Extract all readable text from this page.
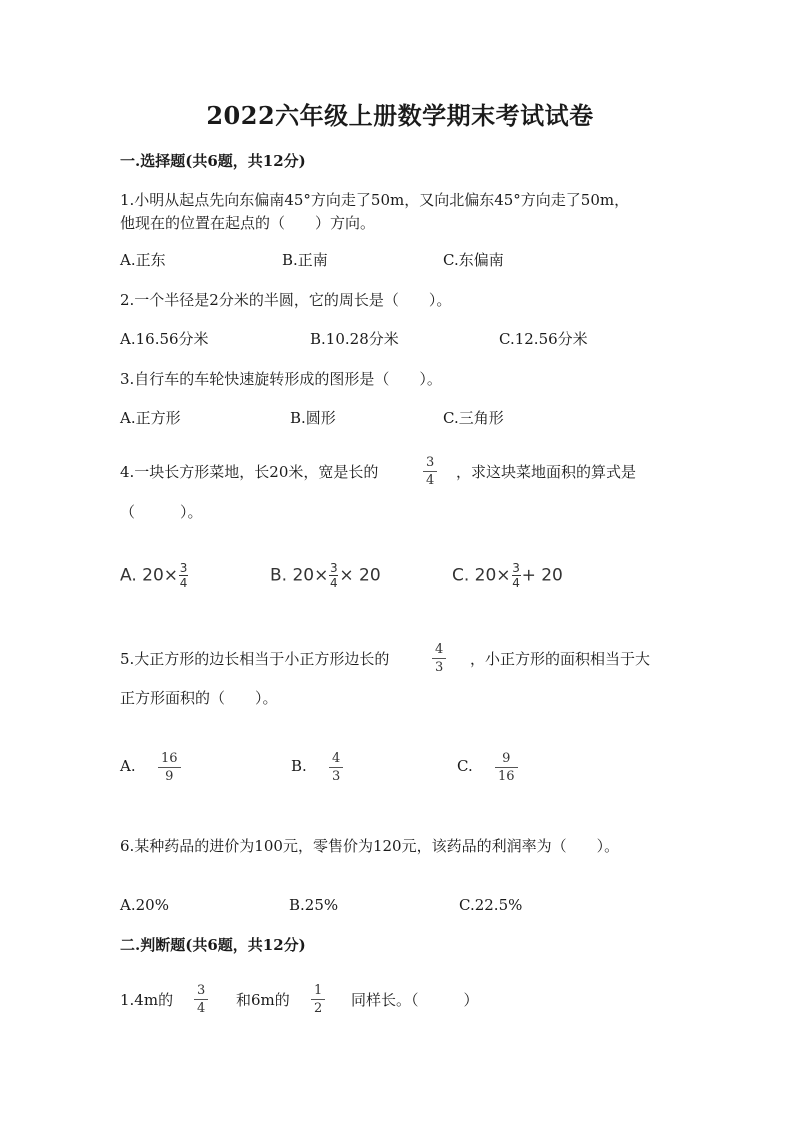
2022六年级上册数学期末考试试卷
一.选择题(共6题，共12分)
1.小明从起点先向东偏南45°方向走了50m，又向北偏东45°方向走了50m，
他现在的位置在起点的（　　）方向。
A.正东	B.正南	C.东偏南
2.一个半径是2分米的半圆，它的周长是（　　）。
A.16.56分米	B.10.28分米	C.12.56分米
3.自行车的车轮快速旋转形成的图形是（　　）。
A.正方形	B.圆形	C.三角形
4.一块长方形菜地，长20米，宽是长的
3
4 ，求这块菜地面积的算式是
（　　　）。
A. $20\times \frac{3}{4}$	B. $20\times \frac{3}{4} \times 20$	C. $20\times \frac{3}{4} + 20$
5.大正方形的边长相当于小正方形边长的
4
3 ，小正方形的面积相当于大
正方形面积的（　　）。
A. 16
9
B. 4
3
C. 9
16
6.某种药品的进价为100元，零售价为120元，该药品的利润率为（　　）。
A.20%	B.25%	C.22.5%
二.判断题(共6题，共12分)
1.4m的
3
4 和6m的
1
2 同样长。（　　　）
